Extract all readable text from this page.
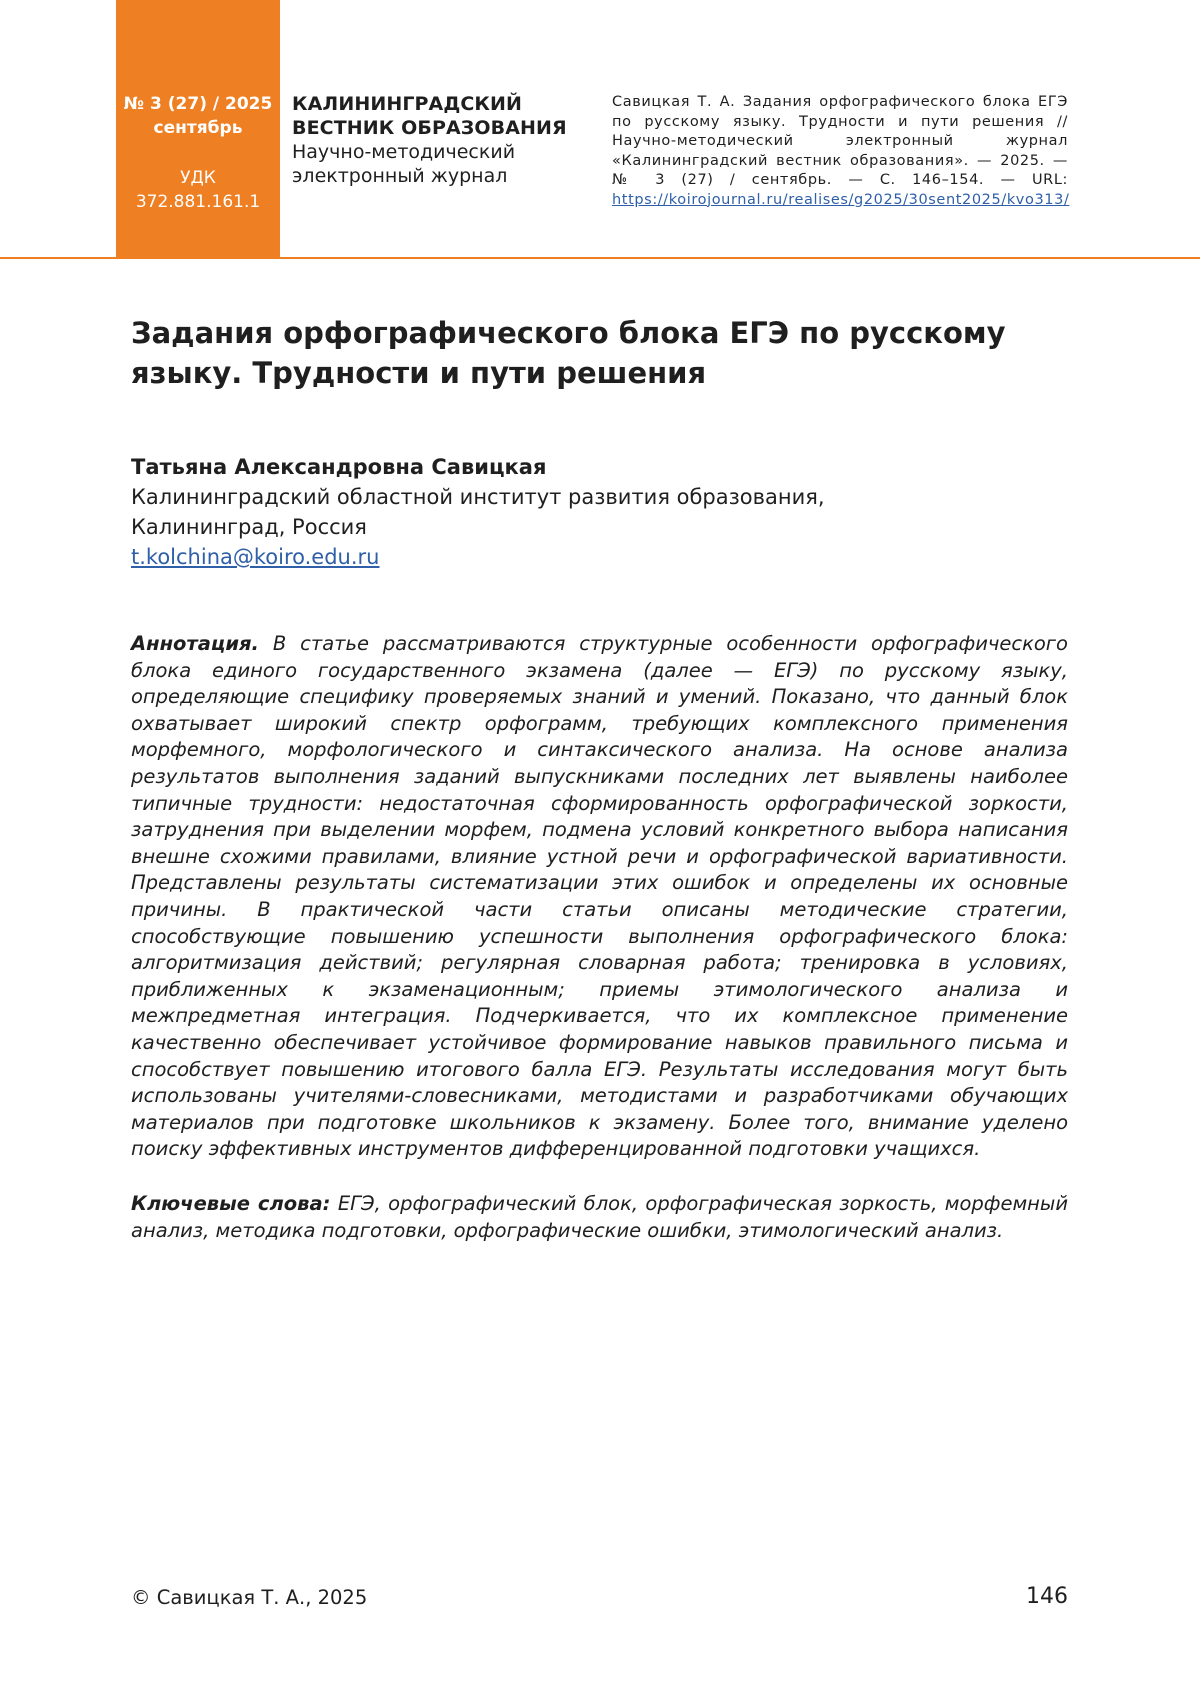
№ 3 (27) / 2025
сентябрь
УДК
372.881.161.1
КАЛИНИНГРАДСКИЙ
ВЕСТНИК ОБРАЗОВАНИЯ
Научно-методический
электронный журнал
Савицкая Т. А. Задания орфографического блока ЕГЭ по русскому языку. Трудности и пути решения // Научно-методический электронный журнал «Калининградский вестник образования». — 2025. — № 3 (27) / сентябрь. — С. 146–154. — URL: https://koirojournal.ru/realises/g2025/30sent2025/kvo313/
Задания орфографического блока ЕГЭ по русскому языку. Трудности и пути решения
Татьяна Александровна Савицкая
Калининградский областной институт развития образования,
Калининград, Россия
t.kolchina@koiro.edu.ru

Аннотация. В статье рассматриваются структурные особенности орфографического блока единого государственного экзамена (далее — ЕГЭ) по русскому языку, определяющие специфику проверяемых знаний и умений. Показано, что данный блок охватывает широкий спектр орфограмм, требующих комплексного применения морфемного, морфологического и синтаксического анализа. На основе анализа результатов выполнения заданий выпускниками последних лет выявлены наиболее типичные трудности: недостаточная сформированность орфографической зоркости, затруднения при выделении морфем, подмена условий конкретного выбора написания внешне схожими правилами, влияние устной речи и орфографической вариативности. Представлены результаты систематизации этих ошибок и определены их основные причины. В практической части статьи описаны методические стратегии, способствующие повышению успешности выполнения орфографического блока: алгоритмизация действий; регулярная словарная работа; тренировка в условиях, приближенных к экзаменационным; приемы этимологического анализа и межпредметная интеграция. Подчеркивается, что их комплексное применение качественно обеспечивает устойчивое формирование навыков правильного письма и способствует повышению итогового балла ЕГЭ. Результаты исследования могут быть использованы учителями-словесниками, методистами и разработчиками обучающих материалов при подготовке школьников к экзамену. Более того, внимание уделено поиску эффективных инструментов дифференцированной подготовки учащихся.

Ключевые слова: ЕГЭ, орфографический блок, орфографическая зоркость, морфемный анализ, методика подготовки, орфографические ошибки, этимологический анализ.

© Савицкая Т. А., 2025	146
